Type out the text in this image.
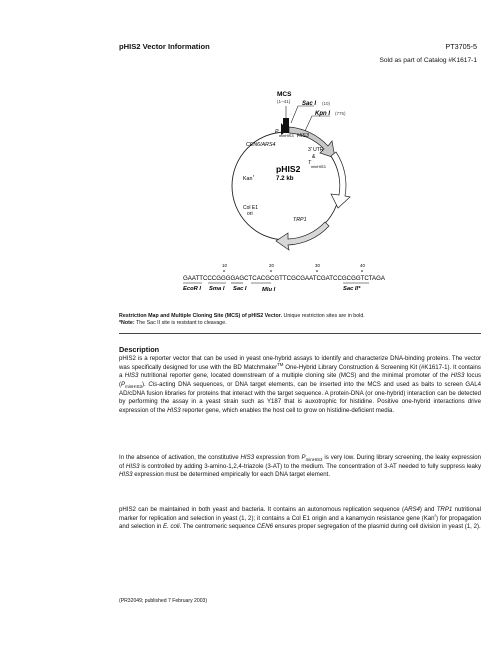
pHIS2 Vector Information	PT3705-5
Sold as part of Catalog #K1617-1
MCS
(1–41) Sac I (10)
Kpn I (775)
P
minHIS3 HIS3
CEN6/ARS4
3' UTR
&
T
minHIS3
pHIS2
7.2 kb
Kan r
Col E1
ori
TRP1
10	20	30	40
GAATTCCCGGGGAGCTCACGCGTTCGCGAATCGATCCGCGGTCTAGA
EcoR I Sma I Sac I	Mlu I	Sac II*
Restriction Map and Multiple Cloning Site (MCS) of pHIS2 Vector. Unique restriction sites are in bold.
*Note: The Sac II site is resistant to cleavage.
Description
pHIS2 is a reporter vector that can be used in yeast one-hybrid assays to identify and characterize DNA-binding proteins. The vector was specifically designed for use with the BD Matchmaker™ One-Hybrid Library Construction & Screening Kit (#K1617-1). It contains a HIS3 nutritional reporter gene, located downstream of a multiple cloning site (MCS) and the minimal promoter of the HIS3 locus $(P_{minHIS3})$. Cis-acting DNA sequences, or DNA target elements, can be inserted into the MCS and used as baits to screen GAL4 AD/cDNA fusion libraries for proteins that interact with the target sequence. A protein-DNA (or one-hybrid) interaction can be detected by performing the assay in a yeast strain such as Y187 that is auxotrophic for histidine. Positive one-hybrid interactions drive expression of the HIS3 reporter gene, which enables the host cell to grow on histidine-deficient media.
In the absence of activation, the constitutive HIS3 expression from $P_{minHIS3}$ is very low. During library screening, the leaky expression of HIS3 is controlled by adding 3-amino-1,2,4-triazole (3-AT) to the medium. The concentration of 3-AT needed to fully suppress leaky HIS3 expression must be determined empirically for each DNA target element.
pHIS2 can be maintained in both yeast and bacteria. It contains an autonomous replication sequence (ARS4) and TRP1 nutritional marker for replication and selection in yeast (1, 2); it contains a Col E1 origin and a kanamycin resistance gene (Kan$^r$) for propagation and selection in E. coli. The centromeric sequence CEN6 ensures proper segregation of the plasmid during cell division in yeast (1, 2).
(PR32049; published 7 February 2003)
